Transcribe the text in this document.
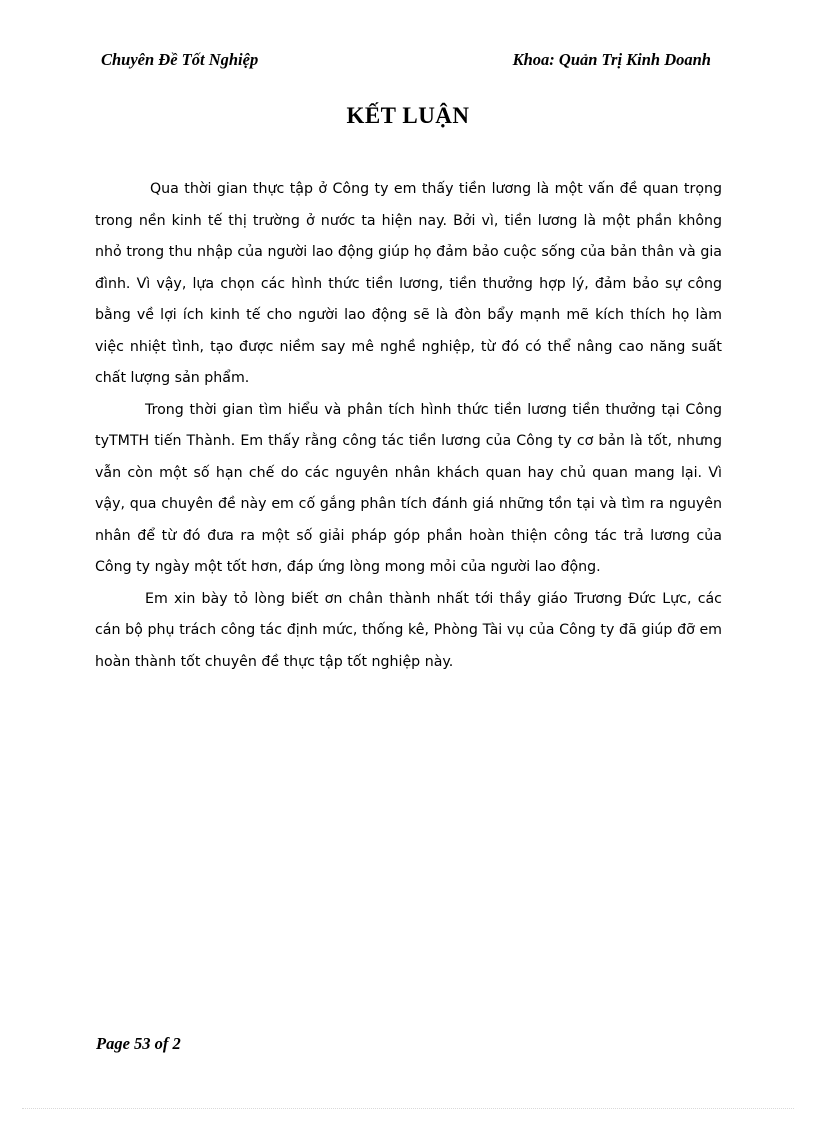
Chuyên Đề Tốt Nghiệp	Khoa: Quản Trị Kinh Doanh
KẾT LUẬN

Qua thời gian thực tập ở Công ty em thấy tiền lương là một vấn đề quan trọng trong nền kinh tế thị trường ở nước ta hiện nay. Bởi vì, tiền lương là một phần không nhỏ trong thu nhập của người lao động giúp họ đảm bảo cuộc sống của bản thân và gia đình. Vì vậy, lựa chọn các hình thức tiền lương, tiền thưởng hợp lý, đảm bảo sự công bằng về lợi ích kinh tế cho người lao động sẽ là đòn bẩy mạnh mẽ kích thích họ làm việc nhiệt tình, tạo được niềm say mê nghề nghiệp, từ đó có thể nâng cao năng suất chất lượng sản phẩm.

Trong thời gian tìm hiểu và phân tích hình thức tiền lương tiền thưởng tại Công tyTMTH tiến Thành. Em thấy rằng công tác tiền lương của Công ty cơ bản là tốt, nhưng vẫn còn một số hạn chế do các nguyên nhân khách quan hay chủ quan mang lại. Vì vậy, qua chuyên đề này em cố gắng phân tích đánh giá những tồn tại và tìm ra nguyên nhân để từ đó đưa ra một số giải pháp góp phần hoàn thiện công tác trả lương của Công ty ngày một tốt hơn, đáp ứng lòng mong mỏi của người lao động.

Em xin bày tỏ lòng biết ơn chân thành nhất tới thầy giáo Trương Đức Lực, các cán bộ phụ trách công tác định mức, thống kê, Phòng Tài vụ của Công ty đã giúp đỡ em hoàn thành tốt chuyên đề thực tập tốt nghiệp này.

Page 53 of 2
